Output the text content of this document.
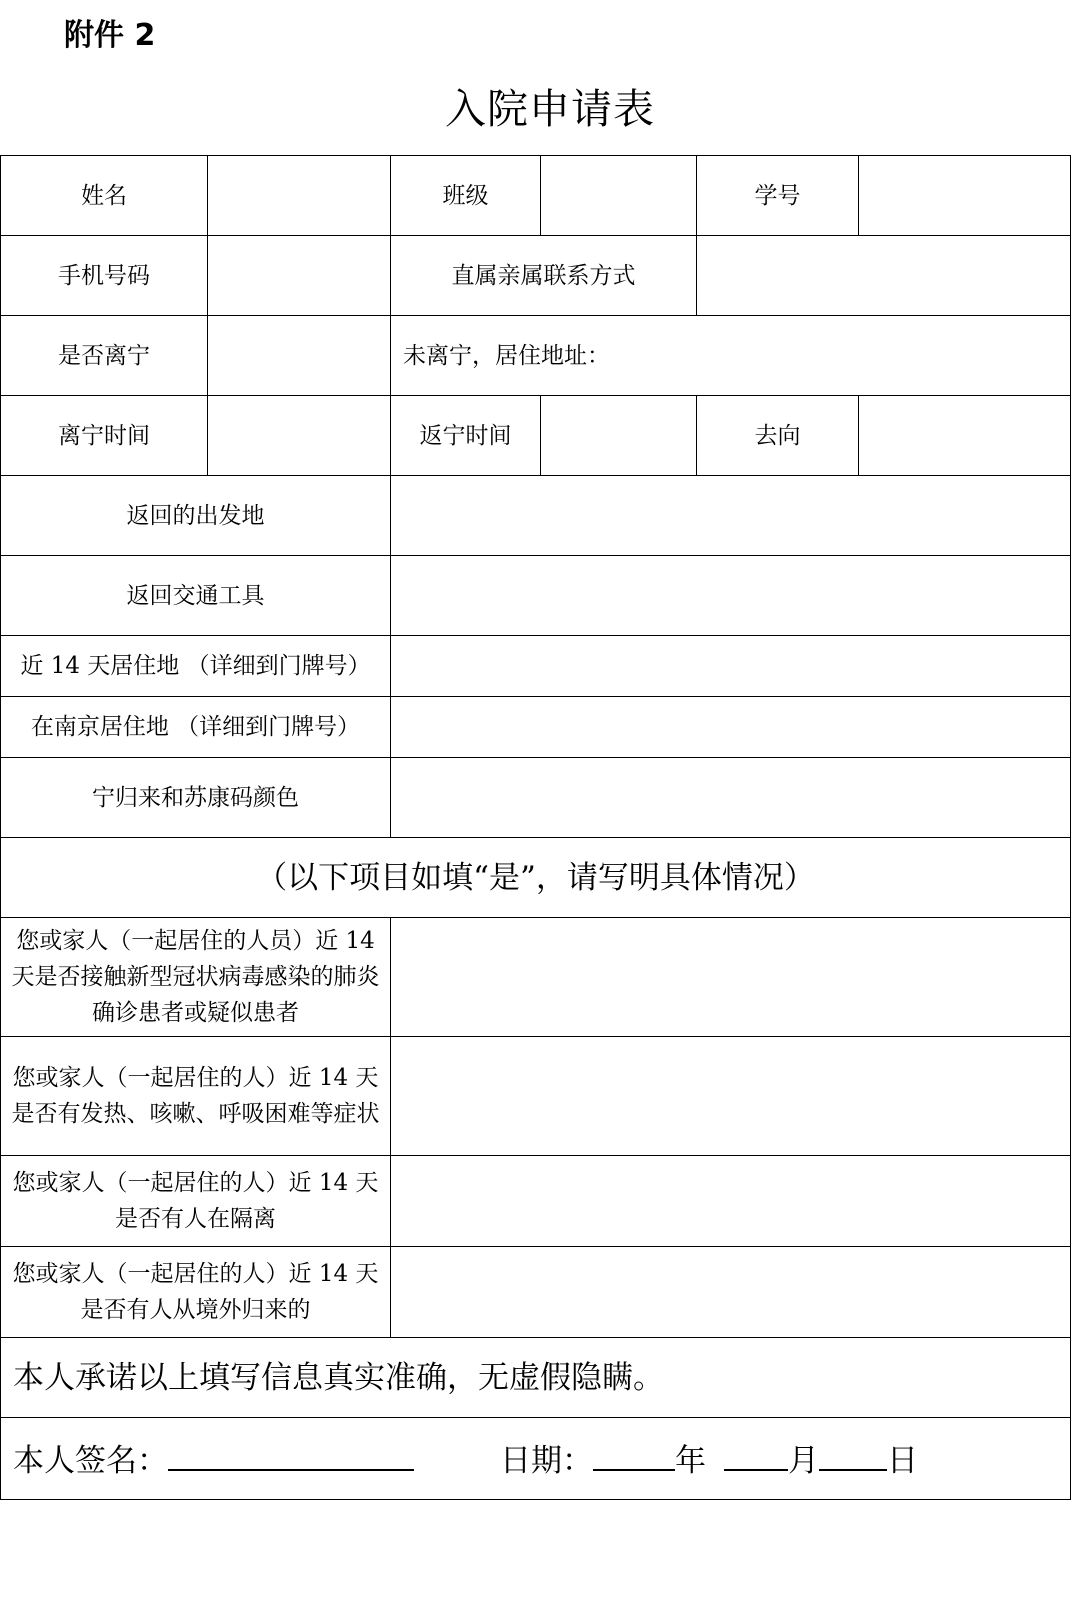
附件 2
入院申请表
姓名		班级		学号	
手机号码		直属亲属联系方式			
是否离宁		未离宁，居住地址：			
离宁时间		返宁时间		去向	
返回的出发地					
返回交通工具					
近 14 天居住地 （详细到门牌号）					
在南京居住地 （详细到门牌号）					
宁归来和苏康码颜色					
（以下项目如填“是”，请写明具体情况）					
您或家人（一起居住的人员）近 14 天是否接触新型冠状病毒感染的肺炎确诊患者或疑似患者					
您或家人（一起居住的人）近 14 天是否有发热、咳嗽、呼吸困难等症状					
您或家人（一起居住的人）近 14 天是否有人在隔离					
您或家人（一起居住的人）近 14 天是否有人从境外归来的					
本人承诺以上填写信息真实准确，无虚假隐瞒。					
本人签名： 日期： 年 月 日					
